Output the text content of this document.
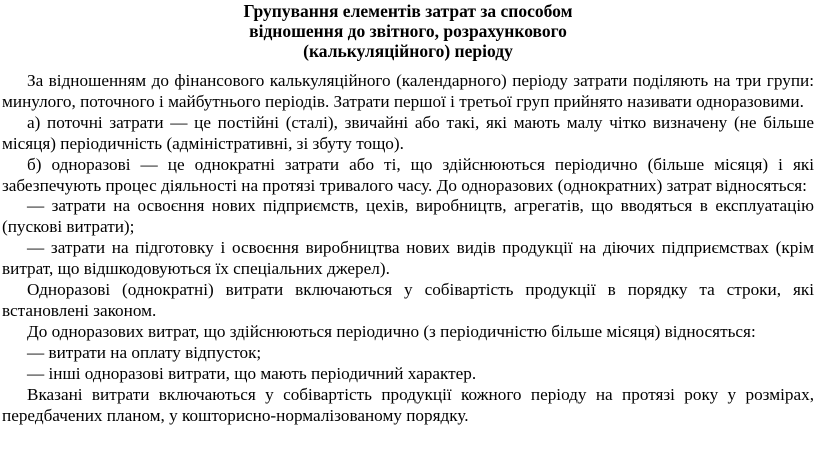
Групування елементів затрат за способом
відношення до звітного, розрахункового
(калькуляційного) періоду

За відношенням до фінансового калькуляційного (календарного) періоду затрати поділяють на три групи: минулого, поточного і майбутнього періодів. Затрати першої і третьої груп прийнято називати одноразовими.

а) поточні затрати — це постійні (сталі), звичайні або такі, які мають малу чітко визначену (не більше місяця) періодичність (адміністративні, зі збуту тощо).

б) одноразові — це однократні затрати або ті, що здійснюються періодично (більше місяця) і які забезпечують процес діяльності на протязі тривалого часу. До одноразових (однократних) затрат відносяться:

— затрати на освоєння нових підприємств, цехів, виробництв, агрегатів, що вводяться в експлуатацію (пускові витрати);

— затрати на підготовку і освоєння виробництва нових видів продукції на діючих підприємствах (крім витрат, що відшкодовуються їх спеціальних джерел).

Одноразові (однократні) витрати включаються у собівартість продукції в порядку та строки, які встановлені законом.

До одноразових витрат, що здійснюються періодично (з періодичністю більше місяця) відносяться:

— витрати на оплату відпусток;

— інші одноразові витрати, що мають періодичний характер.

Вказані витрати включаються у собівартість продукції кожного періоду на протязі року у розмірах, передбачених планом, у кошторисно-нормалізованому порядку.
